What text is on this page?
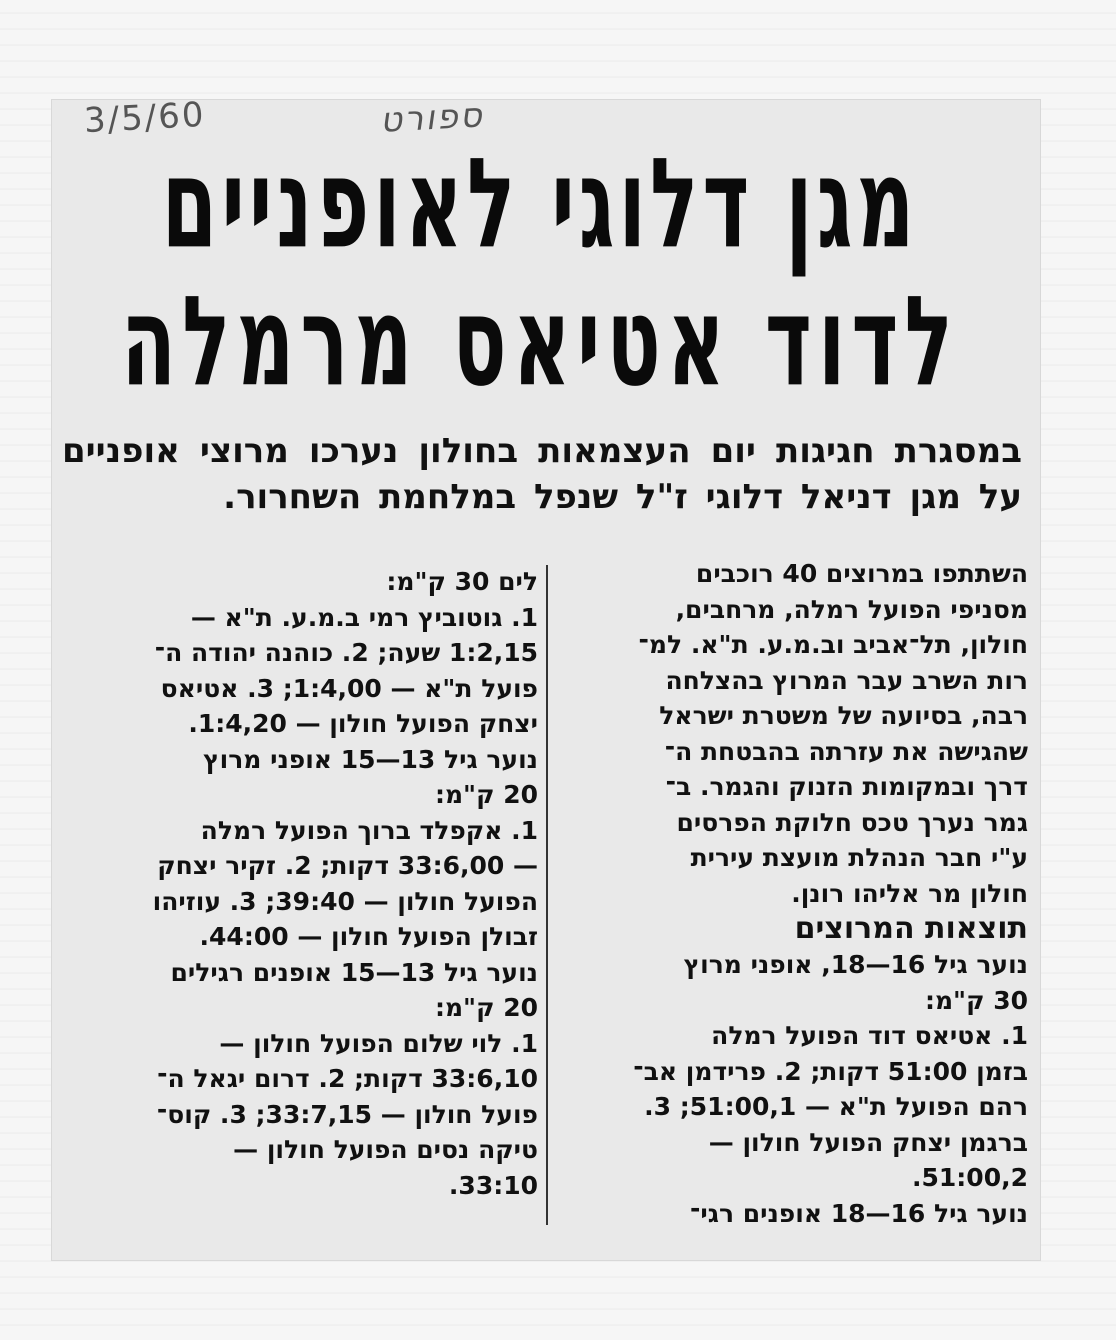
3/5/60	ספורט
מגן דלוגי לאופניים
לדוד אטיאס מרמלה
במסגרת חגיגות יום העצמאות בחולון נערכו מרוצי אופניים על מגן דניאל דלוגי ז"ל שנפל במלחמת השחרור.
השתתפו במרוצים 40 רוכבים
מסניפי הפועל רמלה, מרחבים,
חולון, תל־אביב וב.מ.ע. ת"א. למ־
רות השרב עבר המרוץ בהצלחה
רבה, בסיועה של משטרת ישראל
שהגישה את עזרתה בהבטחת ה־
דרך ובמקומות הזנוק והגמר. ב־
גמר נערך טכס חלוקת הפרסים
ע"י חבר הנהלת מועצת עירית
חולון מר אליהו רונן.
תוצאות המרוצים
נוער גיל 16—18, אופני מרוץ
30 ק"מ:
1. אטיאס דוד הפועל רמלה
בזמן 51:00 דקות; 2. פרידמן אב־
רהם הפועל ת"א — 51:00,1; 3.
ברגמן יצחק הפועל חולון —
51:00,2.
נוער גיל 16—18 אופנים רגי־
לים 30 ק"מ:
1. גוטוביץ רמי ב.מ.ע. ת"א —
1:2,15 שעה; 2. כוהנה יהודה ה־
פועל ת"א — 1:4,00; 3. אטיאס
יצחק הפועל חולון — 1:4,20.
נוער גיל 13—15 אופני מרוץ
20 ק"מ:
1. אקפלד ברוך הפועל רמלה
— 33:6,00 דקות; 2. זקיר יצחק
הפועל חולון — 39:40; 3. עוזיהו
זבולן הפועל חולון — 44:00.
נוער גיל 13—15 אופנים רגילים
20 ק"מ:
1. לוי שלום הפועל חולון —
33:6,10 דקות; 2. דרום יגאל ה־
פועל חולון — 33:7,15; 3. קוס־
טיקה נסים הפועל חולון —
33:10.
